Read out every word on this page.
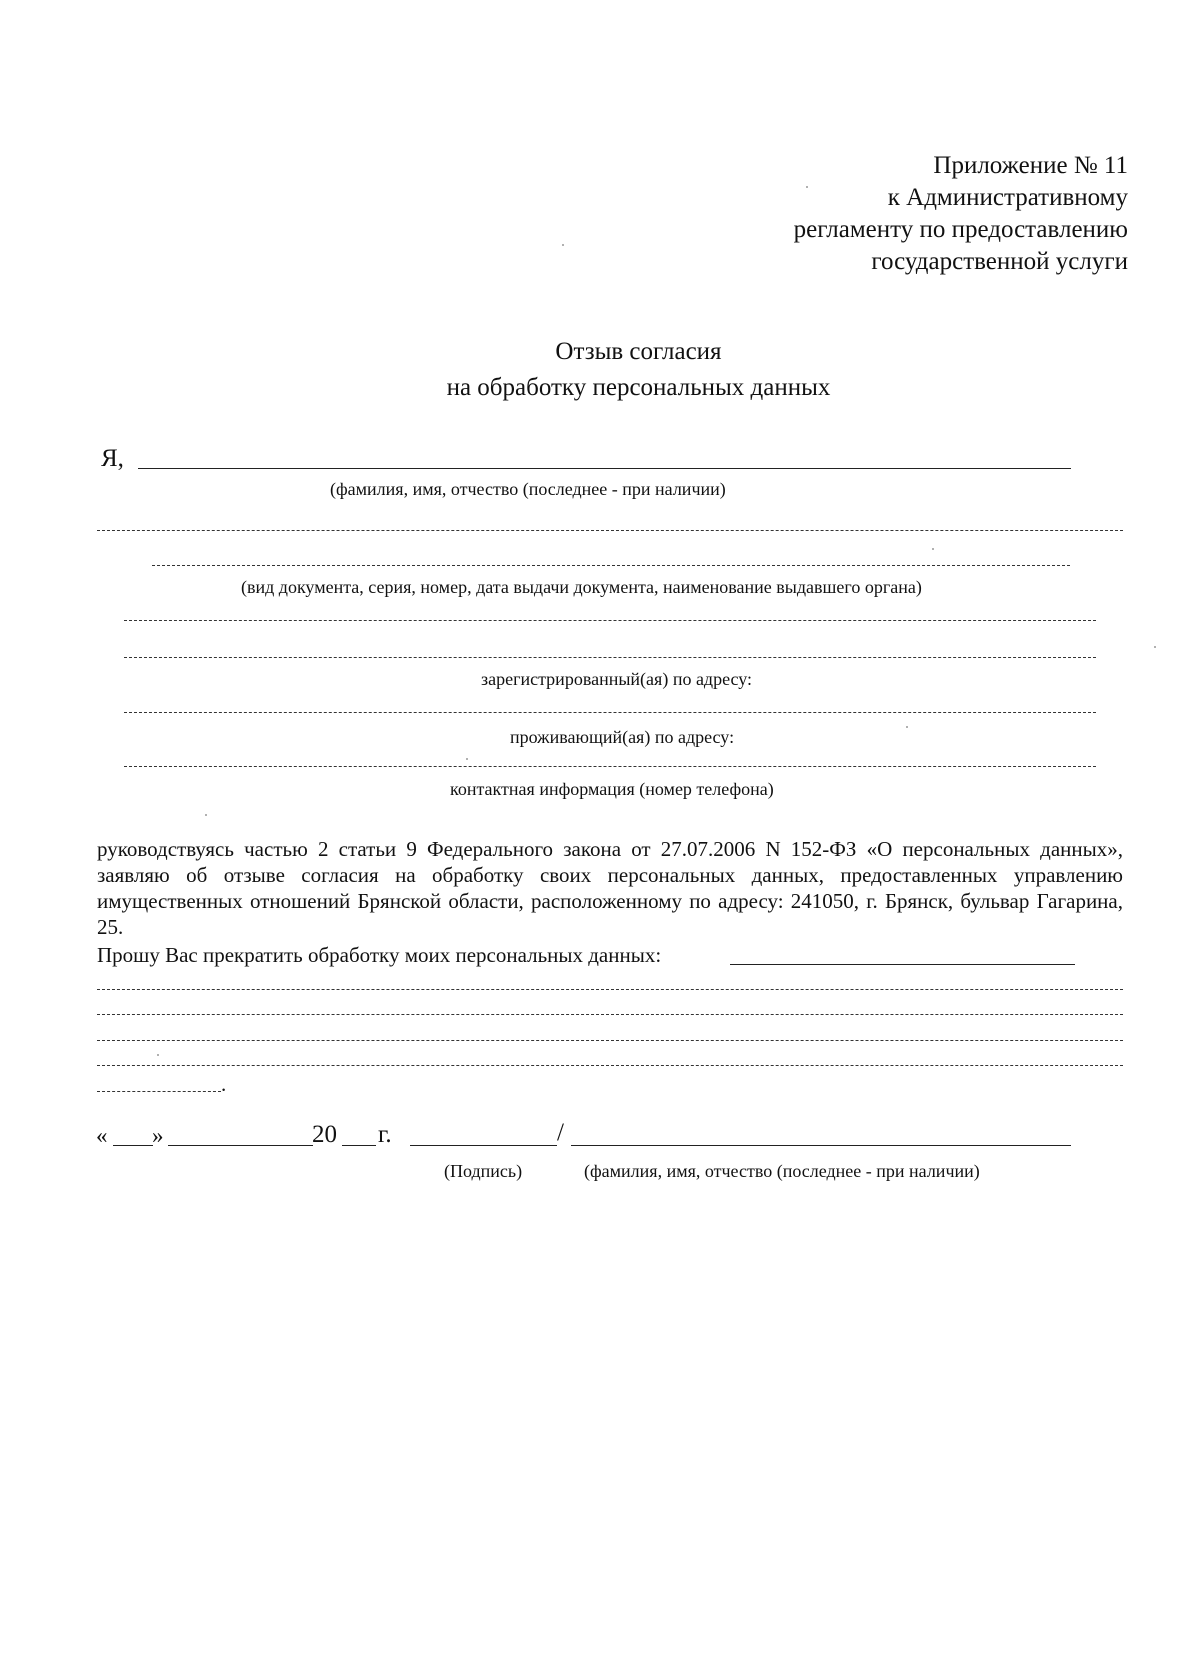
Приложение № 11
к Административному
регламенту по предоставлению
государственной услуги
Отзыв согласия
на обработку персональных данных
Я,
(фамилия, имя, отчество (последнее - при наличии)
(вид документа, серия, номер, дата выдачи документа, наименование выдавшего органа)
зарегистрированный(ая) по адресу:
проживающий(ая) по адресу:
контактная информация (номер телефона)

руководствуясь частью 2 статьи 9 Федерального закона от 27.07.2006 N 152-ФЗ «О персональных данных», заявляю об отзыве согласия на обработку своих персональных данных, предоставленных управлению имущественных отношений Брянской области, расположенному по адресу: 241050, г. Брянск, бульвар Гагарина, 25.

Прошу Вас прекратить обработку моих персональных данных:
.
« »	20 г.	/
(Подпись)	(фамилия, имя, отчество (последнее - при наличии)
